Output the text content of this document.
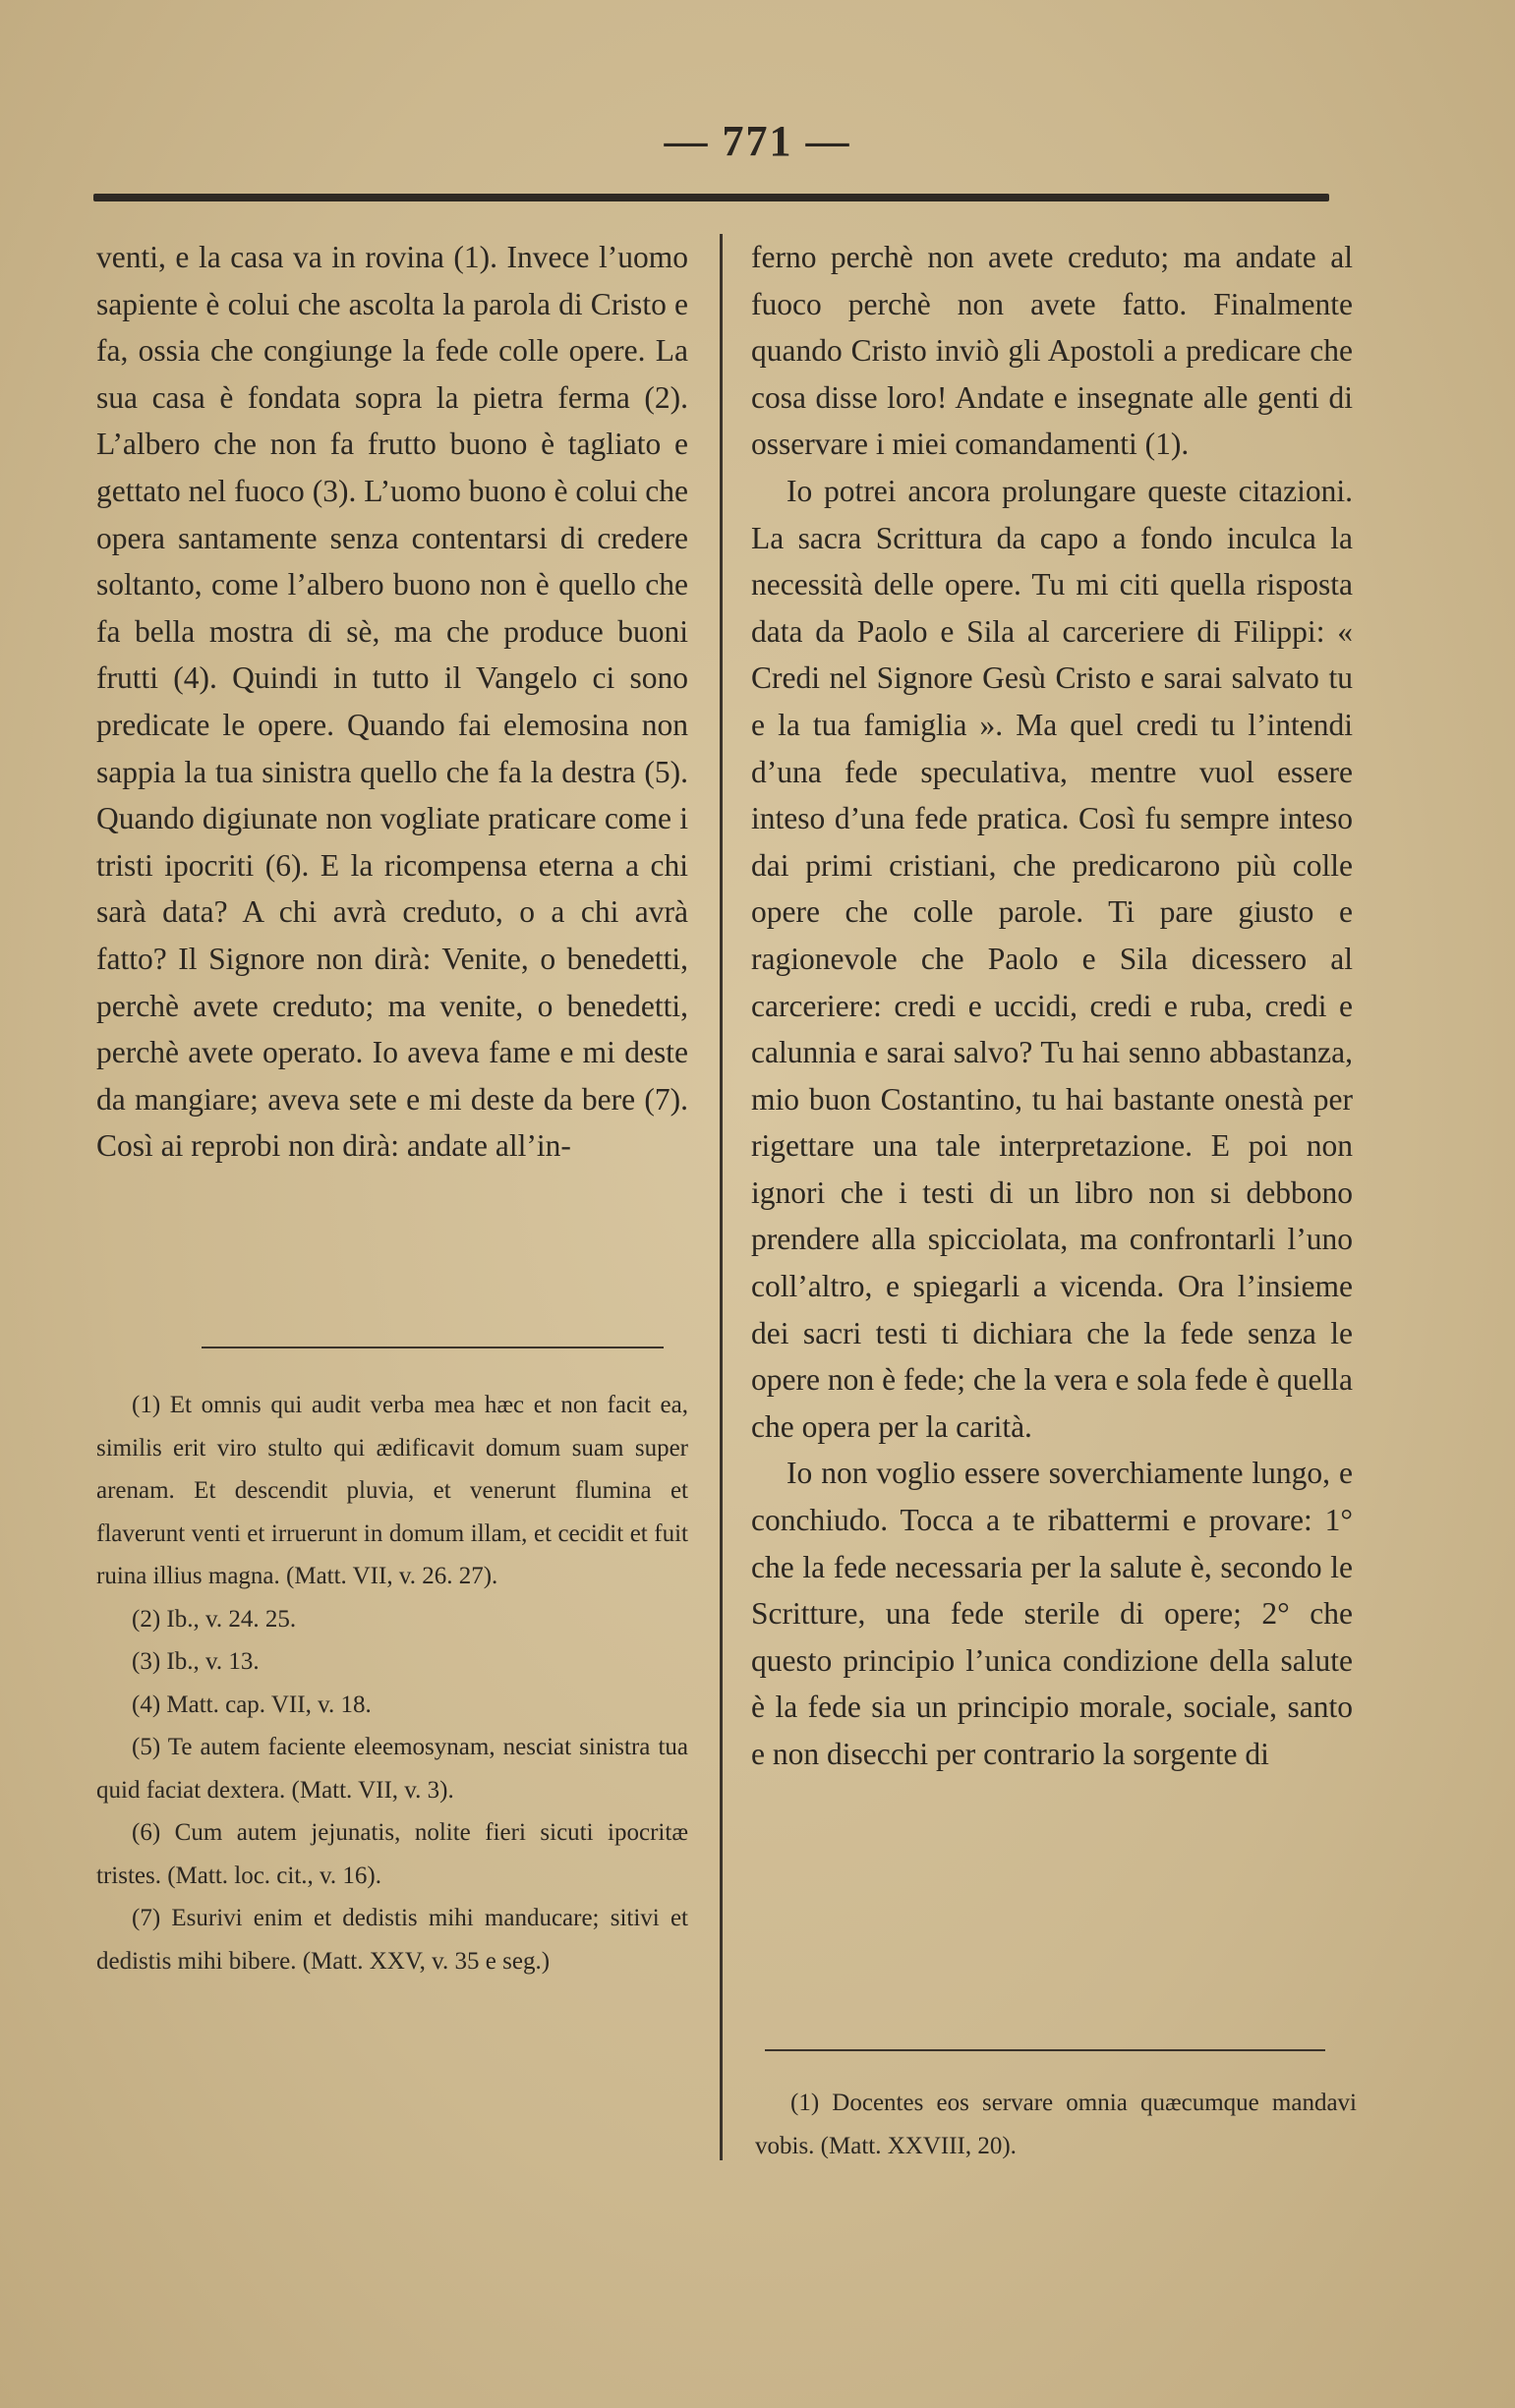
— 771 —

venti, e la casa va in rovina (1). Invece l’uomo sapiente è colui che ascolta la parola di Cristo e fa, ossia che congiunge la fede colle opere. La sua casa è fondata sopra la pietra ferma (2). L’albero che non fa frutto buono è tagliato e gettato nel fuoco (3). L’uomo buono è colui che opera santamente senza contentarsi di credere soltanto, come l’albero buono non è quello che fa bella mostra di sè, ma che produce buoni frutti (4). Quindi in tutto il Vangelo ci sono predicate le opere. Quando fai elemosina non sappia la tua sinistra quello che fa la destra (5). Quando digiunate non vogliate praticare come i tristi ipocriti (6). E la ricompensa eterna a chi sarà data? A chi avrà creduto, o a chi avrà fatto? Il Signore non dirà: Venite, o benedetti, perchè avete creduto; ma venite, o benedetti, perchè avete operato. Io aveva fame e mi deste da mangiare; aveva sete e mi deste da bere (7). Così ai reprobi non dirà: andate all’in-

(1) Et omnis qui audit verba mea hæc et non facit ea, similis erit viro stulto qui ædificavit domum suam super arenam. Et descendit pluvia, et venerunt flumina et flaverunt venti et irruerunt in domum illam, et cecidit et fuit ruina illius magna. (Matt. VII, v. 26. 27).

(2) Ib., v. 24. 25.

(3) Ib., v. 13.

(4) Matt. cap. VII, v. 18.

(5) Te autem faciente eleemosynam, nesciat sinistra tua quid faciat dextera. (Matt. VII, v. 3).

(6) Cum autem jejunatis, nolite fieri sicuti ipocritæ tristes. (Matt. loc. cit., v. 16).

(7) Esurivi enim et dedistis mihi manducare; sitivi et dedistis mihi bibere. (Matt. XXV, v. 35 e seg.)

ferno perchè non avete creduto; ma andate al fuoco perchè non avete fatto. Finalmente quando Cristo inviò gli Apostoli a predicare che cosa disse loro! Andate e insegnate alle genti di osservare i miei comandamenti (1).

Io potrei ancora prolungare queste citazioni. La sacra Scrittura da capo a fondo inculca la necessità delle opere. Tu mi citi quella risposta data da Paolo e Sila al carceriere di Filippi: « Credi nel Signore Gesù Cristo e sarai salvato tu e la tua famiglia ». Ma quel credi tu l’intendi d’una fede speculativa, mentre vuol essere inteso d’una fede pratica. Così fu sempre inteso dai primi cristiani, che predicarono più colle opere che colle parole. Ti pare giusto e ragionevole che Paolo e Sila dicessero al carceriere: credi e uccidi, credi e ruba, credi e calunnia e sarai salvo? Tu hai senno abbastanza, mio buon Costantino, tu hai bastante onestà per rigettare una tale interpretazione. E poi non ignori che i testi di un libro non si debbono prendere alla spicciolata, ma confrontarli l’uno coll’altro, e spiegarli a vicenda. Ora l’insieme dei sacri testi ti dichiara che la fede senza le opere non è fede; che la vera e sola fede è quella che opera per la carità.

Io non voglio essere soverchiamente lungo, e conchiudo. Tocca a te ribattermi e provare: 1° che la fede necessaria per la salute è, secondo le Scritture, una fede sterile di opere; 2° che questo principio l’unica condizione della salute è la fede sia un principio morale, sociale, santo e non disecchi per contrario la sorgente di

(1) Docentes eos servare omnia quæcumque mandavi vobis. (Matt. XXVIII, 20).
